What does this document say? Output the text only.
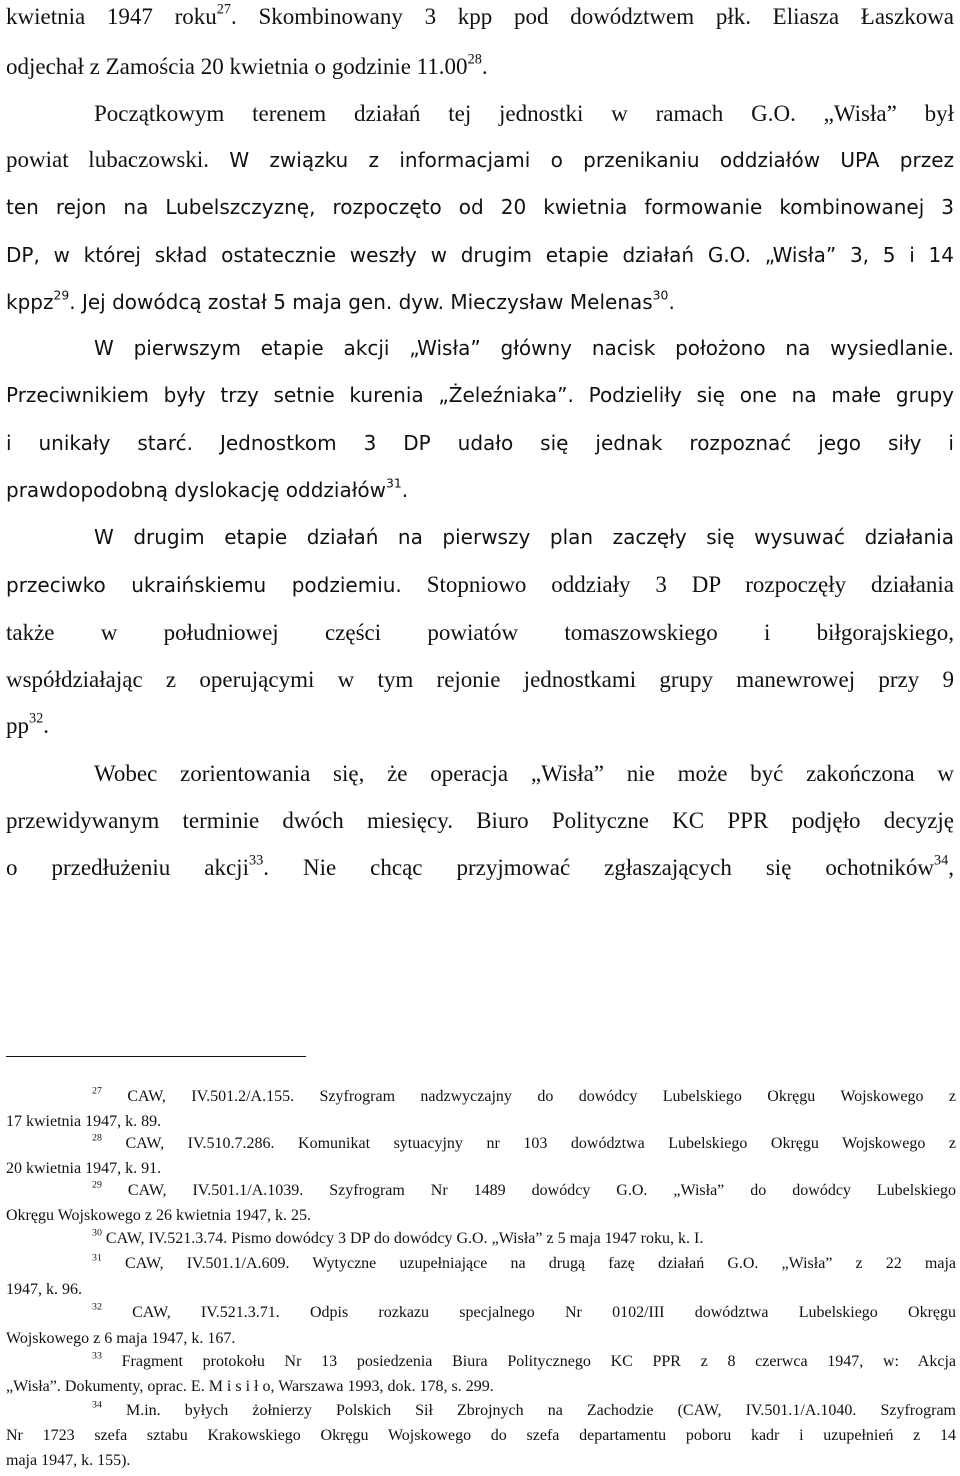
kwietnia 1947 roku$^{27}$. Skombinowany 3 kpp pod dowództwem płk. Eliasza Łaszkowa
odjechał z Zamościa 20 kwietnia o godzinie 11.00$^{28}$.
Początkowym terenem działań tej jednostki w ramach G.O. „Wisła” był
powiat lubaczowski. W związku z informacjami o przenikaniu oddziałów UPA przez
ten rejon na Lubelszczyznę, rozpoczęto od 20 kwietnia formowanie kombinowanej 3
DP, w której skład ostatecznie weszły w drugim etapie działań G.O. „Wisła” 3, 5 i 14
kppz$^{29}$. Jej dowódcą został 5 maja gen. dyw. Mieczysław Melenas$^{30}$.
W pierwszym etapie akcji „Wisła” główny nacisk położono na wysiedlanie.
Przeciwnikiem były trzy setnie kurenia „Żeleźniaka”. Podzieliły się one na małe grupy
i unikały starć. Jednostkom 3 DP udało się jednak rozpoznać jego siły i
prawdopodobną dyslokację oddziałów$^{31}$.
W drugim etapie działań na pierwszy plan zaczęły się wysuwać działania
przeciwko ukraińskiemu podziemiu. Stopniowo oddziały 3 DP rozpoczęły działania
także w południowej części powiatów tomaszowskiego i biłgorajskiego,
współdziałając z operującymi w tym rejonie jednostkami grupy manewrowej przy 9
$pp^{32}$.
Wobec zorientowania się, że operacja „Wisła” nie może być zakończona w
przewidywanym terminie dwóch miesięcy. Biuro Polityczne KC PPR podjęło decyzję
o przedłużeniu akcji$^{33}$. Nie chcąc przyjmować zgłaszających się ochotników$^{34}$,
$^{27}$ CAW, IV.501.2/A.155. Szyfrogram nadzwyczajny do dowódcy Lubelskiego Okręgu Wojskowego z
17 kwietnia 1947, k. 89.
$^{28}$ CAW, IV.510.7.286. Komunikat sytuacyjny nr 103 dowództwa Lubelskiego Okręgu Wojskowego z
20 kwietnia 1947, k. 91.
$^{29}$ CAW, IV.501.1/A.1039. Szyfrogram Nr 1489 dowódcy G.O. „Wisła” do dowódcy Lubelskiego
Okręgu Wojskowego z 26 kwietnia 1947, k. 25.
$^{30}$ CAW, IV.521.3.74. Pismo dowódcy 3 DP do dowódcy G.O. „Wisła” z 5 maja 1947 roku, k. I.
$^{31}$ CAW, IV.501.1/A.609. Wytyczne uzupełniające na drugą fazę działań G.O. „Wisła” z 22 maja
1947, k. 96.
$^{32}$ CAW, IV.521.3.71. Odpis rozkazu specjalnego Nr 0102/III dowództwa Lubelskiego Okręgu
Wojskowego z 6 maja 1947, k. 167.
$^{33}$ Fragment protokołu Nr 13 posiedzenia Biura Politycznego KC PPR z 8 czerwca 1947, w: Akcja
„Wisła”. Dokumenty, oprac. E. M i s i ł o, Warszawa 1993, dok. 178, s. 299.
$^{34}$ M.in. byłych żołnierzy Polskich Sił Zbrojnych na Zachodzie (CAW, IV.501.1/A.1040. Szyfrogram
Nr 1723 szefa sztabu Krakowskiego Okręgu Wojskowego do szefa departamentu poboru kadr i uzupełnień z 14
maja 1947, k. 155).
